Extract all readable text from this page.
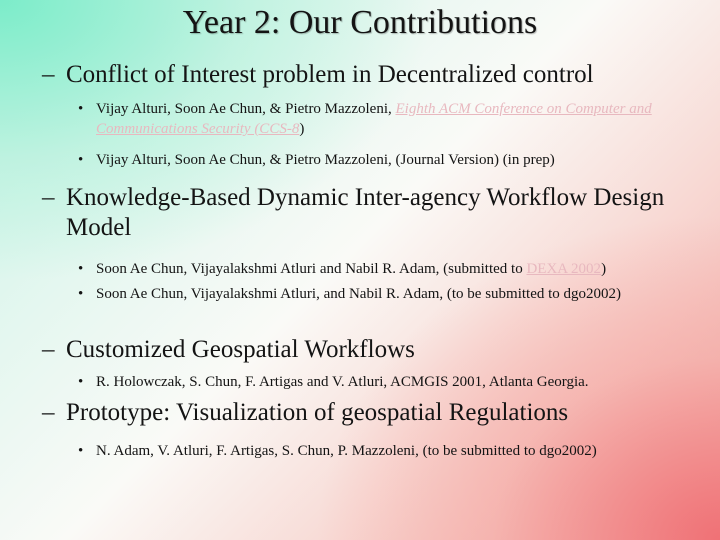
Year 2: Our Contributions
– Conflict of Interest problem in Decentralized control
• Vijay Alturi, Soon Ae Chun, & Pietro Mazzoleni, Eighth ACM Conference on Computer and Communications Security (CCS-8)
• Vijay Alturi, Soon Ae Chun, & Pietro Mazzoleni, (Journal Version) (in prep)
– Knowledge-Based Dynamic Inter-agency Workflow Design Model
• Soon Ae Chun, Vijayalakshmi Atluri and Nabil R. Adam, (submitted to DEXA 2002)
• Soon Ae Chun, Vijayalakshmi Atluri, and Nabil R. Adam, (to be submitted to dgo2002)
– Customized Geospatial Workflows
• R. Holowczak, S. Chun, F. Artigas and V. Atluri, ACMGIS 2001, Atlanta Georgia.
– Prototype: Visualization of geospatial Regulations
• N. Adam, V. Atluri, F. Artigas, S. Chun, P. Mazzoleni, (to be submitted to dgo2002)
